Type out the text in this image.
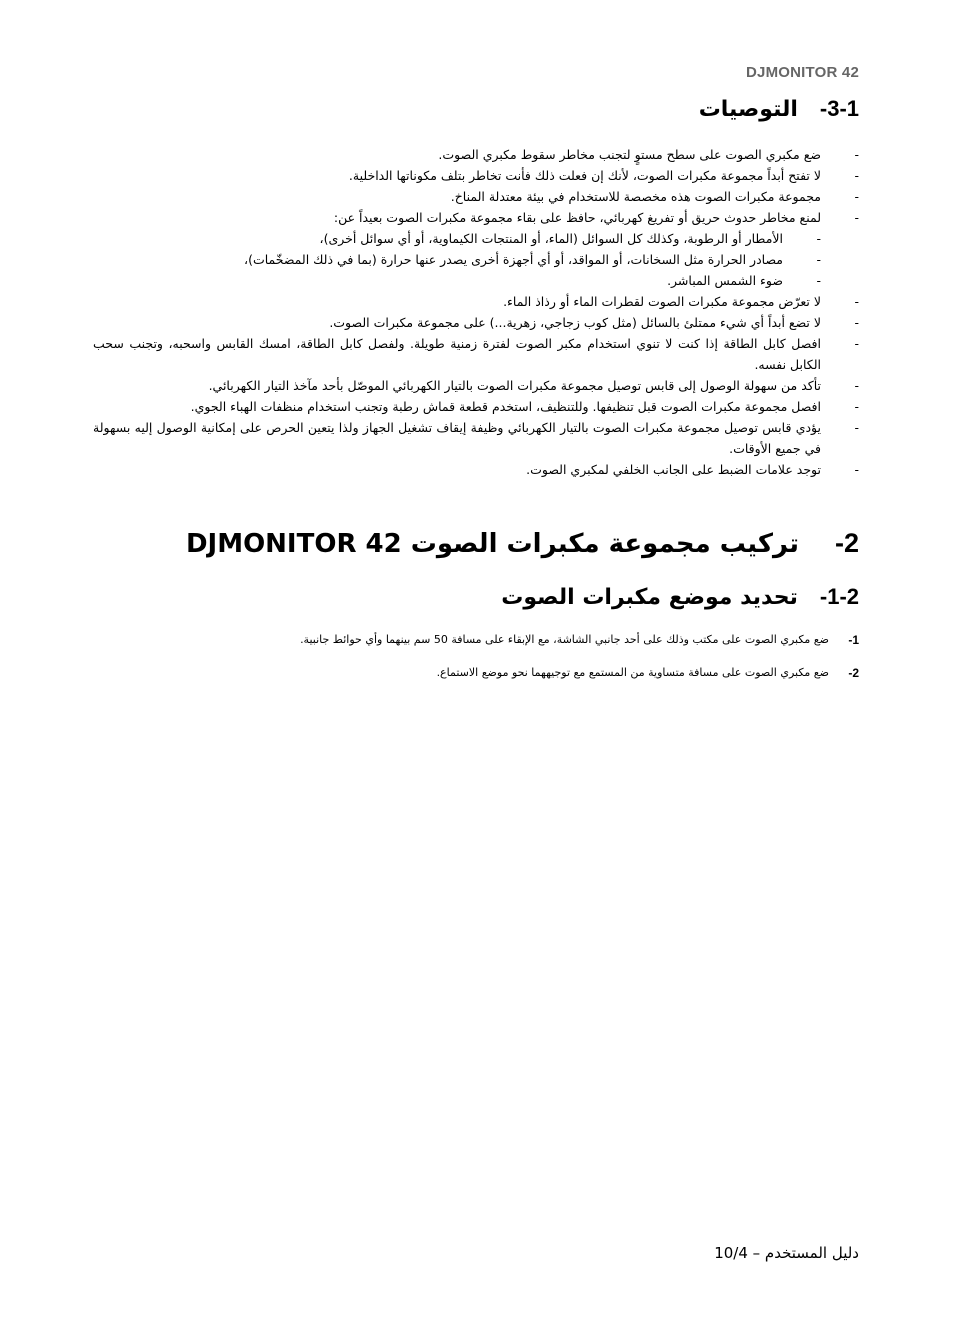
DJMONITOR 42
3-1-
التوصيات
- ضع مكبري الصوت على سطح مستوٍ لتجنب مخاطر سقوط مكبري الصوت.
- لا تفتح أبداً مجموعة مكبرات الصوت، لأنك إن فعلت ذلك فأنت تخاطر بتلف مكوناتها الداخلية.
- مجموعة مكبرات الصوت هذه مخصصة للاستخدام في بيئة معتدلة المناخ.
- لمنع مخاطر حدوث حريق أو تفريغ كهربائي، حافظ على بقاء مجموعة مكبرات الصوت بعيداً عن:
- الأمطار أو الرطوبة، وكذلك كل السوائل (الماء، أو المنتجات الكيماوية، أو أي سوائل أخرى)،
- مصادر الحرارة مثل السخانات، أو المواقد، أو أي أجهزة أخرى يصدر عنها حرارة (بما في ذلك المضخّمات)،
- ضوء الشمس المباشر.
- لا تعرّض مجموعة مكبرات الصوت لقطرات الماء أو رذاذ الماء.
- لا تضع أبداً أي شيء ممتلئ بالسائل (مثل كوب زجاجي، زهرية...) على مجموعة مكبرات الصوت.
- افصل كابل الطاقة إذا كنت لا تنوي استخدام مكبر الصوت لفترة زمنية طويلة. ولفصل كابل الطاقة، امسك القابس واسحبه، وتجنب سحب الكابل نفسه.
- تأكد من سهولة الوصول إلى قابس توصيل مجموعة مكبرات الصوت بالتيار الكهربائي الموصّل بأحد مآخذ التيار الكهربائي.
- افصل مجموعة مكبرات الصوت قبل تنظيفها. وللتنظيف، استخدم قطعة قماش رطبة وتجنب استخدام منظفات الهباء الجوي.
- يؤدي قابس توصيل مجموعة مكبرات الصوت بالتيار الكهربائي وظيفة إيقاف تشغيل الجهاز ولذا يتعين الحرص على إمكانية الوصول إليه بسهولة في جميع الأوقات.
- توجد علامات الضبط على الجانب الخلفي لمكبري الصوت.
2-
تركيب مجموعة مكبرات الصوت DJMONITOR 42
1-2-
تحديد موضع مكبرات الصوت
1-
ضع مكبري الصوت على مكتب وذلك على أحد جانبي الشاشة، مع الإبقاء على مسافة 50 سم بينهما وأي حوائط جانبية.
2-
ضع مكبري الصوت على مسافة متساوية من المستمع مع توجيههما نحو موضع الاستماع.
دليل المستخدم – 10/4
